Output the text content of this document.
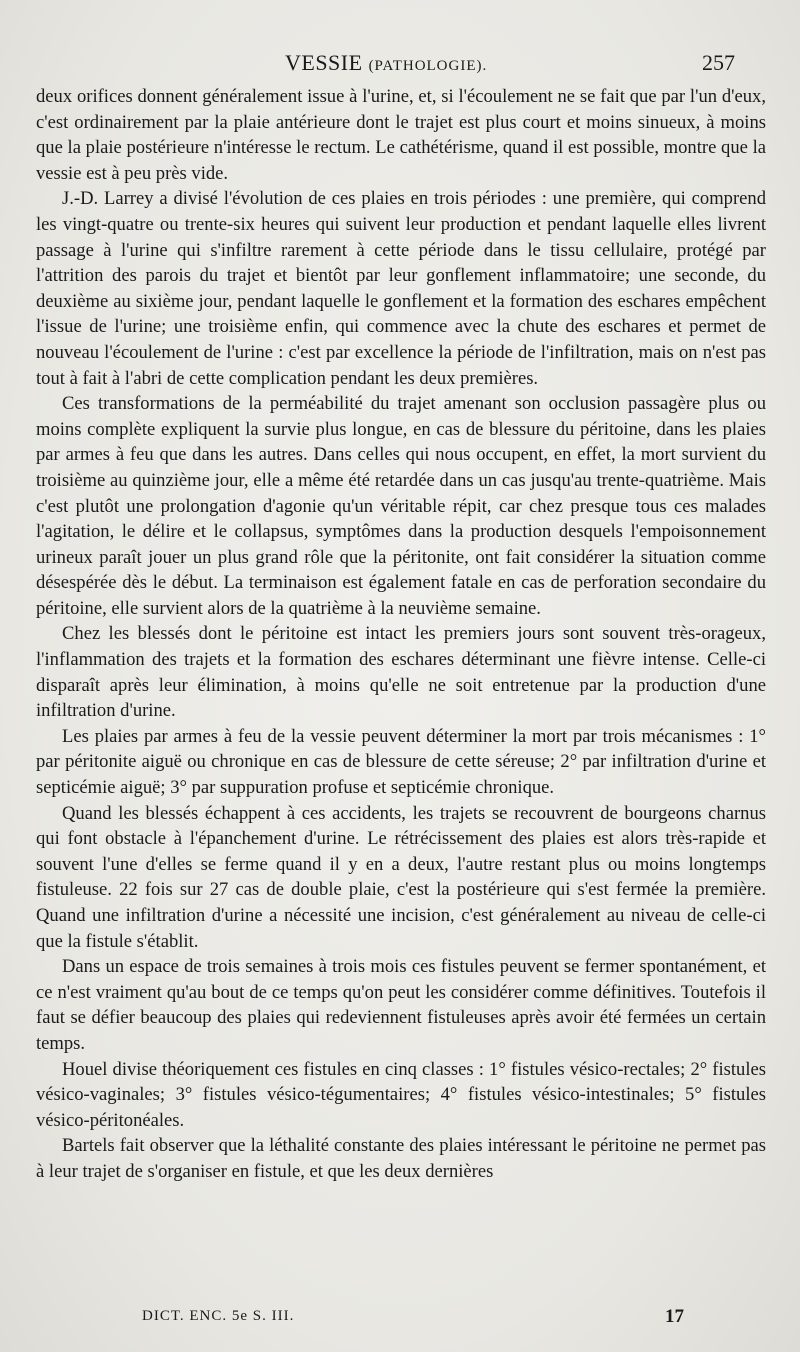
VESSIE (PATHOLOGIE).	257

deux orifices donnent généralement issue à l'urine, et, si l'écoulement ne se fait que par l'un d'eux, c'est ordinairement par la plaie antérieure dont le trajet est plus court et moins sinueux, à moins que la plaie postérieure n'intéresse le rectum. Le cathétérisme, quand il est possible, montre que la vessie est à peu près vide.

J.-D. Larrey a divisé l'évolution de ces plaies en trois périodes : une première, qui comprend les vingt-quatre ou trente-six heures qui suivent leur production et pendant laquelle elles livrent passage à l'urine qui s'infiltre rarement à cette période dans le tissu cellulaire, protégé par l'attrition des parois du trajet et bientôt par leur gonflement inflammatoire; une seconde, du deuxième au sixième jour, pendant laquelle le gonflement et la formation des eschares empêchent l'issue de l'urine; une troisième enfin, qui commence avec la chute des eschares et permet de nouveau l'écoulement de l'urine : c'est par excellence la période de l'infiltration, mais on n'est pas tout à fait à l'abri de cette complication pendant les deux premières.

Ces transformations de la perméabilité du trajet amenant son occlusion passagère plus ou moins complète expliquent la survie plus longue, en cas de blessure du péritoine, dans les plaies par armes à feu que dans les autres. Dans celles qui nous occupent, en effet, la mort survient du troisième au quinzième jour, elle a même été retardée dans un cas jusqu'au trente-quatrième. Mais c'est plutôt une prolongation d'agonie qu'un véritable répit, car chez presque tous ces malades l'agitation, le délire et le collapsus, symptômes dans la production desquels l'empoisonnement urineux paraît jouer un plus grand rôle que la péritonite, ont fait considérer la situation comme désespérée dès le début. La terminaison est également fatale en cas de perforation secondaire du péritoine, elle survient alors de la quatrième à la neuvième semaine.

Chez les blessés dont le péritoine est intact les premiers jours sont souvent très-orageux, l'inflammation des trajets et la formation des eschares déterminant une fièvre intense. Celle-ci disparaît après leur élimination, à moins qu'elle ne soit entretenue par la production d'une infiltration d'urine.

Les plaies par armes à feu de la vessie peuvent déterminer la mort par trois mécanismes : 1° par péritonite aiguë ou chronique en cas de blessure de cette séreuse; 2° par infiltration d'urine et septicémie aiguë; 3° par suppuration profuse et septicémie chronique.

Quand les blessés échappent à ces accidents, les trajets se recouvrent de bourgeons charnus qui font obstacle à l'épanchement d'urine. Le rétrécissement des plaies est alors très-rapide et souvent l'une d'elles se ferme quand il y en a deux, l'autre restant plus ou moins longtemps fistuleuse. 22 fois sur 27 cas de double plaie, c'est la postérieure qui s'est fermée la première. Quand une infiltration d'urine a nécessité une incision, c'est généralement au niveau de celle-ci que la fistule s'établit.

Dans un espace de trois semaines à trois mois ces fistules peuvent se fermer spontanément, et ce n'est vraiment qu'au bout de ce temps qu'on peut les considérer comme définitives. Toutefois il faut se défier beaucoup des plaies qui redeviennent fistuleuses après avoir été fermées un certain temps.

Houel divise théoriquement ces fistules en cinq classes : 1° fistules vésico-rectales; 2° fistules vésico-vaginales; 3° fistules vésico-tégumentaires; 4° fistules vésico-intestinales; 5° fistules vésico-péritonéales.

Bartels fait observer que la léthalité constante des plaies intéressant le péritoine ne permet pas à leur trajet de s'organiser en fistule, et que les deux dernières

DICT. ENC. 5e S. III.	17
